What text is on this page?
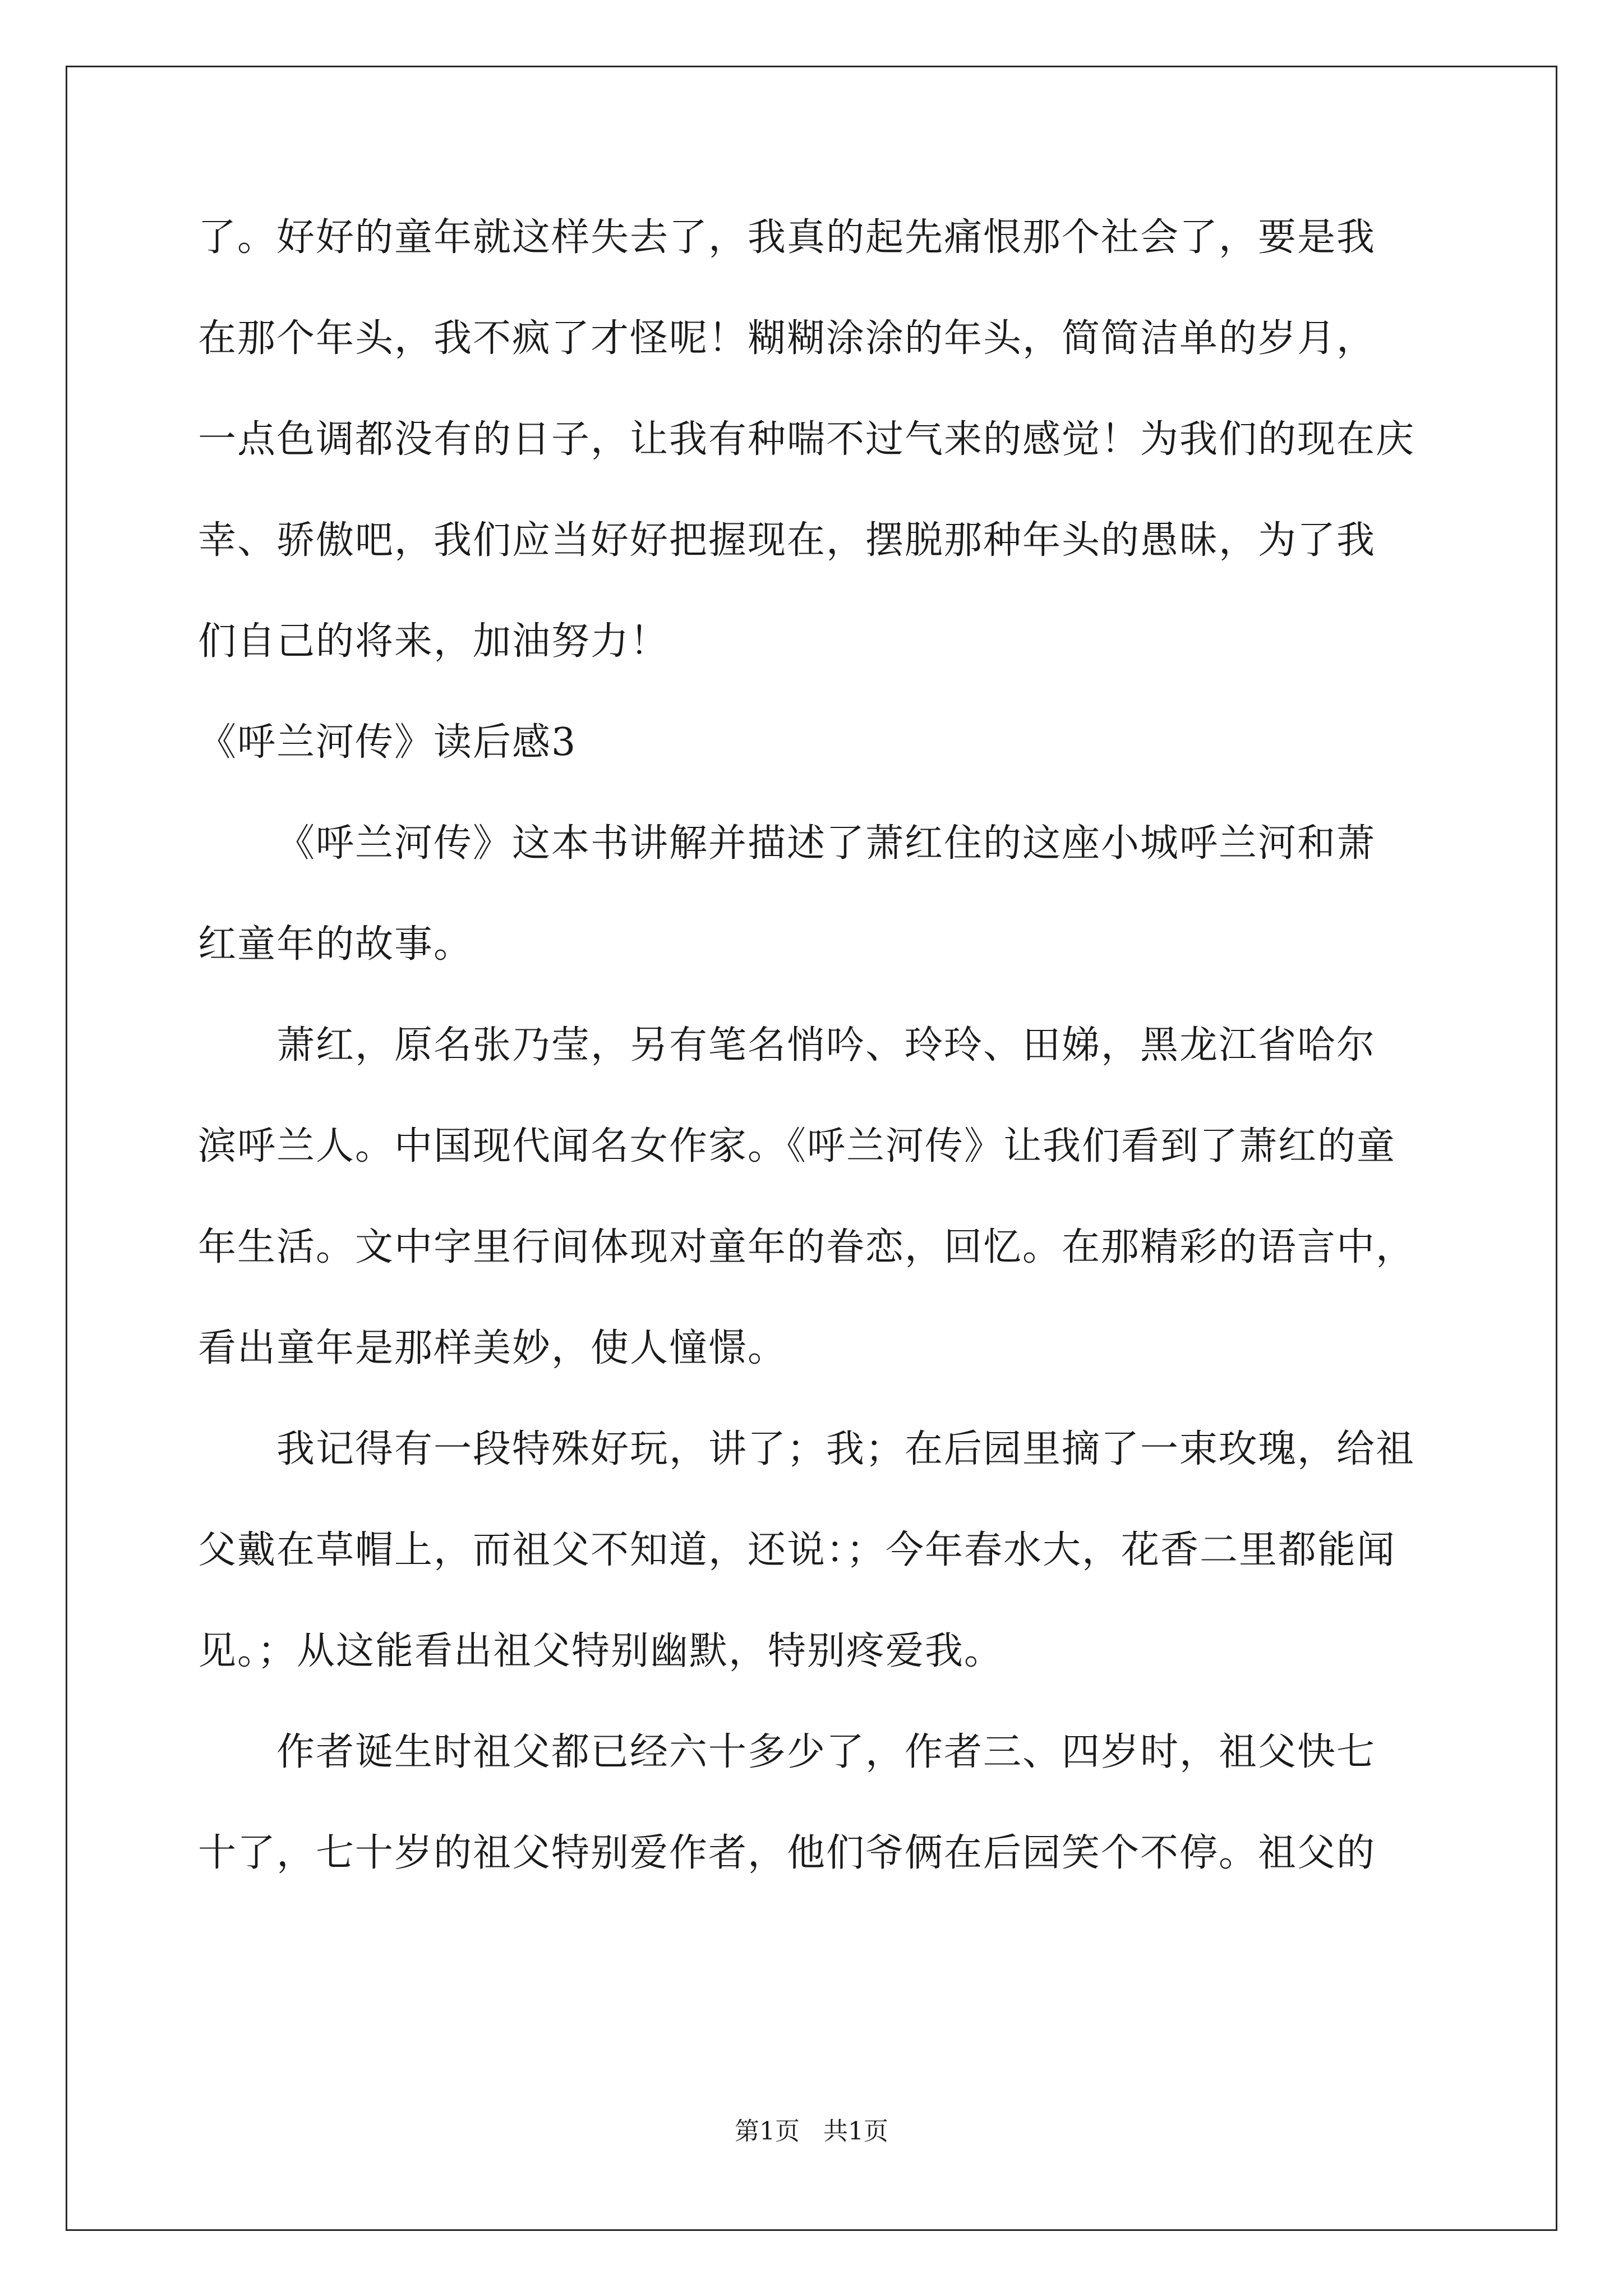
了。好好的童年就这样失去了，我真的起先痛恨那个社会了，要是我
在那个年头，我不疯了才怪呢！糊糊涂涂的年头，简简洁单的岁月，
一点色调都没有的日子，让我有种喘不过气来的感觉！为我们的现在庆
幸、骄傲吧，我们应当好好把握现在，摆脱那种年头的愚昧，为了我
们自己的将来，加油努力！
《呼兰河传》读后感3
《呼兰河传》这本书讲解并描述了萧红住的这座小城呼兰河和萧
红童年的故事。
萧红，原名张乃莹，另有笔名悄吟、玲玲、田娣，黑龙江省哈尔
滨呼兰人。中国现代闻名女作家。《呼兰河传》让我们看到了萧红的童
年生活。文中字里行间体现对童年的眷恋，回忆。在那精彩的语言中，
看出童年是那样美妙，使人憧憬。
我记得有一段特殊好玩，讲了；我；在后园里摘了一束玫瑰，给祖
父戴在草帽上，而祖父不知道，还说：；今年春水大，花香二里都能闻
见。；从这能看出祖父特别幽默，特别疼爱我。
作者诞生时祖父都已经六十多少了，作者三、四岁时，祖父快七
十了，七十岁的祖父特别爱作者，他们爷俩在后园笑个不停。祖父的
第1页   共1页
